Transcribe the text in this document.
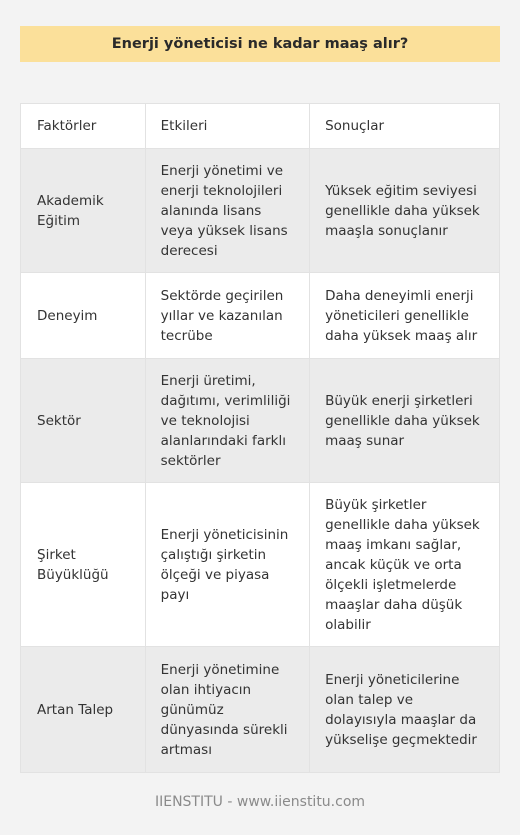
Enerji yöneticisi ne kadar maaş alır?
Faktörler	Etkileri	Sonuçlar
Akademik Eğitim	Enerji yönetimi ve enerji teknolojileri alanında lisans veya yüksek lisans derecesi	Yüksek eğitim seviyesi genellikle daha yüksek maaşla sonuçlanır
Deneyim	Sektörde geçirilen yıllar ve kazanılan tecrübe	Daha deneyimli enerji yöneticileri genellikle daha yüksek maaş alır
Sektör	Enerji üretimi, dağıtımı, verimliliği ve teknolojisi alanlarındaki farklı sektörler	Büyük enerji şirketleri genellikle daha yüksek maaş sunar
Şirket Büyüklüğü	Enerji yöneticisinin çalıştığı şirketin ölçeği ve piyasa payı	Büyük şirketler genellikle daha yüksek maaş imkanı sağlar, ancak küçük ve orta ölçekli işletmelerde maaşlar daha düşük olabilir
Artan Talep	Enerji yönetimine olan ihtiyacın günümüz dünyasında sürekli artması	Enerji yöneticilerine olan talep ve dolayısıyla maaşlar da yükselişe geçmektedir
IIENSTITU - www.iienstitu.com
